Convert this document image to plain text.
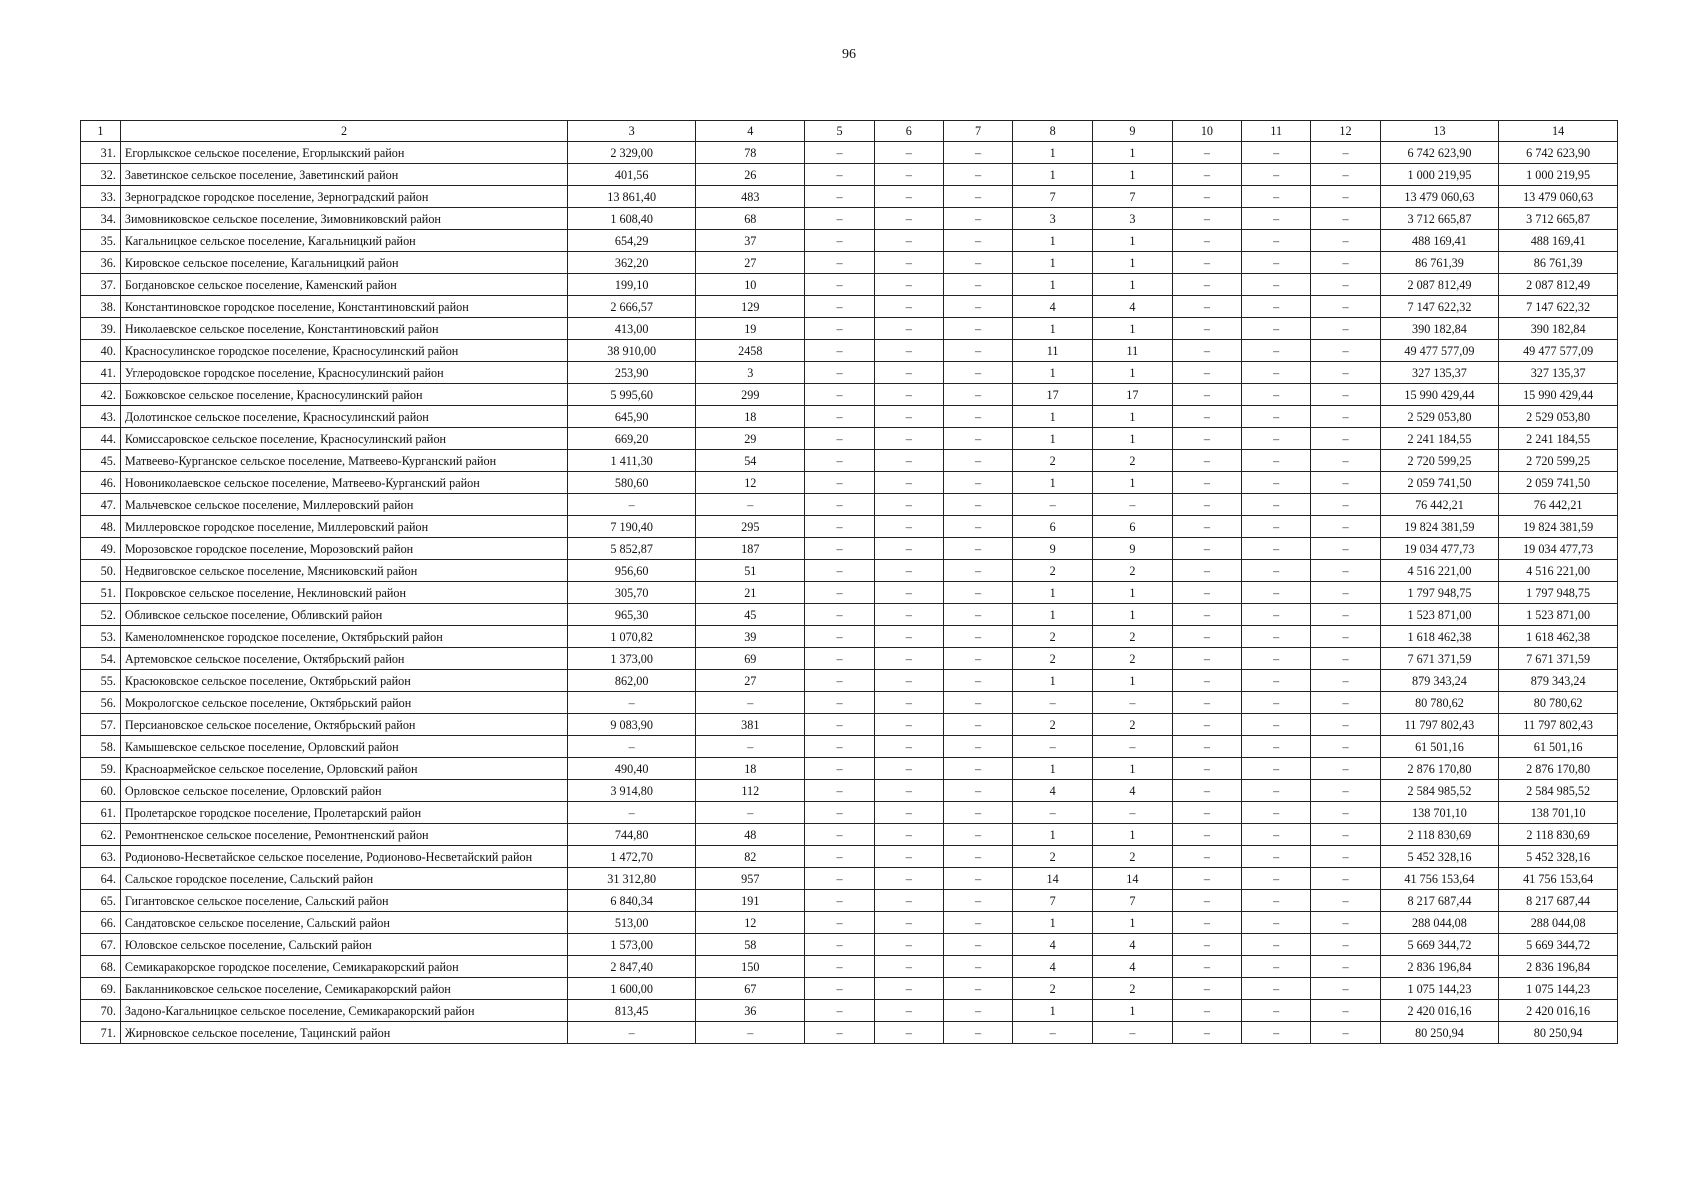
96
1	2	3	4	5	6	7	8	9	10	11	12	13	14
31.	Егорлыкское сельское поселение, Егорлыкский район	2 329,00	78	–	–	–	1	1	–	–	–	6 742 623,90	6 742 623,90
32.	Заветинское сельское поселение, Заветинский район	401,56	26	–	–	–	1	1	–	–	–	1 000 219,95	1 000 219,95
33.	Зерноградское городское поселение, Зерноградский район	13 861,40	483	–	–	–	7	7	–	–	–	13 479 060,63	13 479 060,63
34.	Зимовниковское сельское поселение, Зимовниковский район	1 608,40	68	–	–	–	3	3	–	–	–	3 712 665,87	3 712 665,87
35.	Кагальницкое сельское поселение, Кагальницкий район	654,29	37	–	–	–	1	1	–	–	–	488 169,41	488 169,41
36.	Кировское сельское поселение, Кагальницкий район	362,20	27	–	–	–	1	1	–	–	–	86 761,39	86 761,39
37.	Богдановское сельское поселение, Каменский район	199,10	10	–	–	–	1	1	–	–	–	2 087 812,49	2 087 812,49
38.	Константиновское городское поселение, Константиновский район	2 666,57	129	–	–	–	4	4	–	–	–	7 147 622,32	7 147 622,32
39.	Николаевское сельское поселение, Константиновский район	413,00	19	–	–	–	1	1	–	–	–	390 182,84	390 182,84
40.	Красносулинское городское поселение, Красносулинский район	38 910,00	2458	–	–	–	11	11	–	–	–	49 477 577,09	49 477 577,09
41.	Углеродовское городское поселение, Красносулинский район	253,90	3	–	–	–	1	1	–	–	–	327 135,37	327 135,37
42.	Божковское сельское поселение, Красносулинский район	5 995,60	299	–	–	–	17	17	–	–	–	15 990 429,44	15 990 429,44
43.	Долотинское сельское поселение, Красносулинский район	645,90	18	–	–	–	1	1	–	–	–	2 529 053,80	2 529 053,80
44.	Комиссаровское сельское поселение, Красносулинский район	669,20	29	–	–	–	1	1	–	–	–	2 241 184,55	2 241 184,55
45.	Матвеево-Курганское сельское поселение, Матвеево-Курганский район	1 411,30	54	–	–	–	2	2	–	–	–	2 720 599,25	2 720 599,25
46.	Новониколаевское сельское поселение, Матвеево-Курганский район	580,60	12	–	–	–	1	1	–	–	–	2 059 741,50	2 059 741,50
47.	Мальчевское сельское поселение, Миллеровский район	–	–	–	–	–	–	–	–	–	–	76 442,21	76 442,21
48.	Миллеровское городское поселение, Миллеровский район	7 190,40	295	–	–	–	6	6	–	–	–	19 824 381,59	19 824 381,59
49.	Морозовское городское поселение, Морозовский район	5 852,87	187	–	–	–	9	9	–	–	–	19 034 477,73	19 034 477,73
50.	Недвиговское сельское поселение, Мясниковский район	956,60	51	–	–	–	2	2	–	–	–	4 516 221,00	4 516 221,00
51.	Покровское сельское поселение, Неклиновский район	305,70	21	–	–	–	1	1	–	–	–	1 797 948,75	1 797 948,75
52.	Обливское сельское поселение, Обливский район	965,30	45	–	–	–	1	1	–	–	–	1 523 871,00	1 523 871,00
53.	Каменоломненское городское поселение, Октябрьский район	1 070,82	39	–	–	–	2	2	–	–	–	1 618 462,38	1 618 462,38
54.	Артемовское сельское поселение, Октябрьский район	1 373,00	69	–	–	–	2	2	–	–	–	7 671 371,59	7 671 371,59
55.	Красюковское сельское поселение, Октябрьский район	862,00	27	–	–	–	1	1	–	–	–	879 343,24	879 343,24
56.	Мокрологское сельское поселение, Октябрьский район	–	–	–	–	–	–	–	–	–	–	80 780,62	80 780,62
57.	Персиановское сельское поселение, Октябрьский район	9 083,90	381	–	–	–	2	2	–	–	–	11 797 802,43	11 797 802,43
58.	Камышевское сельское поселение, Орловский район	–	–	–	–	–	–	–	–	–	–	61 501,16	61 501,16
59.	Красноармейское сельское поселение, Орловский район	490,40	18	–	–	–	1	1	–	–	–	2 876 170,80	2 876 170,80
60.	Орловское сельское поселение, Орловский район	3 914,80	112	–	–	–	4	4	–	–	–	2 584 985,52	2 584 985,52
61.	Пролетарское городское поселение, Пролетарский район	–	–	–	–	–	–	–	–	–	–	138 701,10	138 701,10
62.	Ремонтненское сельское поселение, Ремонтненский район	744,80	48	–	–	–	1	1	–	–	–	2 118 830,69	2 118 830,69
63.	Родионово-Несветайское сельское поселение, Родионово-Несветайский район	1 472,70	82	–	–	–	2	2	–	–	–	5 452 328,16	5 452 328,16
64.	Сальское городское поселение, Сальский район	31 312,80	957	–	–	–	14	14	–	–	–	41 756 153,64	41 756 153,64
65.	Гигантовское сельское поселение, Сальский район	6 840,34	191	–	–	–	7	7	–	–	–	8 217 687,44	8 217 687,44
66.	Сандатовское сельское поселение, Сальский район	513,00	12	–	–	–	1	1	–	–	–	288 044,08	288 044,08
67.	Юловское сельское поселение, Сальский район	1 573,00	58	–	–	–	4	4	–	–	–	5 669 344,72	5 669 344,72
68.	Семикаракорское городское поселение, Семикаракорский район	2 847,40	150	–	–	–	4	4	–	–	–	2 836 196,84	2 836 196,84
69.	Бакланниковское сельское поселение, Семикаракорский район	1 600,00	67	–	–	–	2	2	–	–	–	1 075 144,23	1 075 144,23
70.	Задоно-Кагальницкое сельское поселение, Семикаракорский район	813,45	36	–	–	–	1	1	–	–	–	2 420 016,16	2 420 016,16
71.	Жирновское сельское поселение, Тацинский район	–	–	–	–	–	–	–	–	–	–	80 250,94	80 250,94
